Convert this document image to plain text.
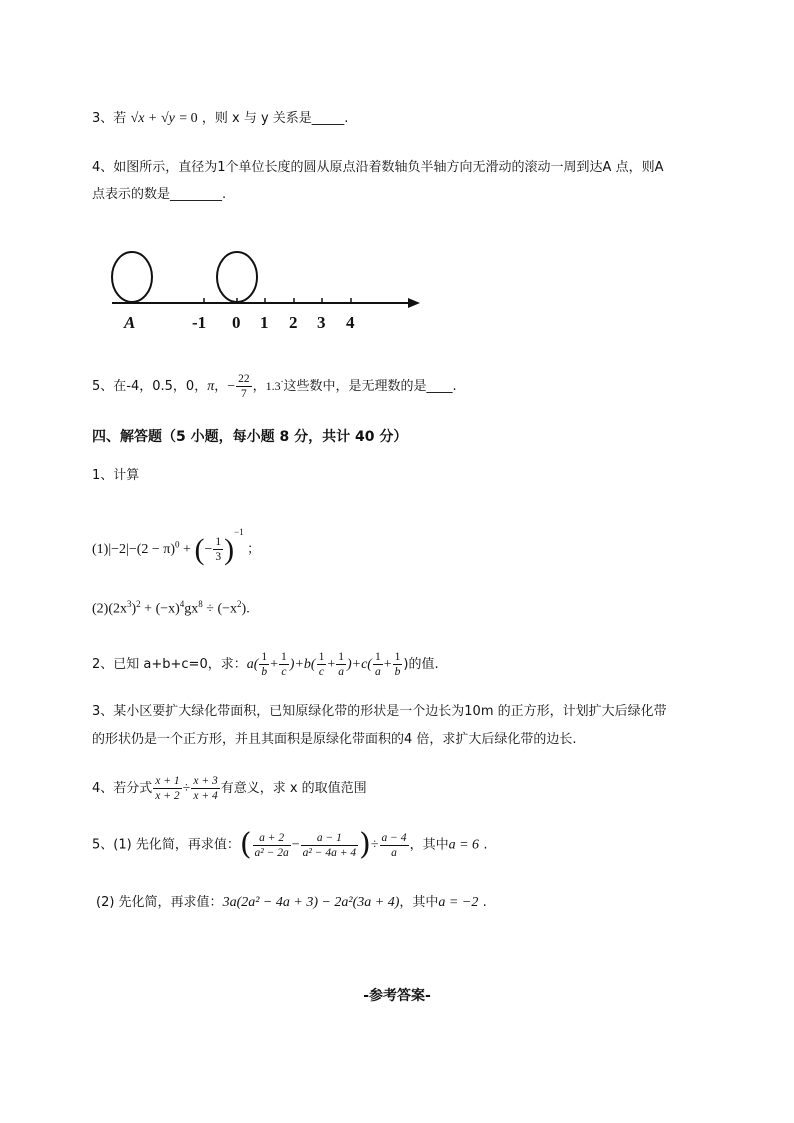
3、若 √x + √y = 0 ，则 x 与 y 关系是_____.
4、如图所示，直径为1个单位长度的圆从原点沿着数轴负半轴方向无滑动的滚动一周到达A 点，则A
点表示的数是________.
A	-1 0 1 2 3 4
5、在-4，0.5，0，π，− $\frac{22}{7}$ ，1.3·这些数中，是无理数的是____.
四、解答题（5 小题，每小题 8 分，共计 40 分）
1、计算
$(1)|-2|-(2 - \pi)^0$ + (− $\frac{1}{3} )^{-1}$ ；
$(2)(2x^3)^2 + (-x)^4gx^8 \div (-x^2)$.
2、已知 a+b+c=0，求：$a( \frac{1}{b} + \frac{1}{c} )+b( \frac{1}{c} + \frac{1}{a} )+c( \frac{1}{a} + \frac{1}{b}$ )的值.
3、某小区要扩大绿化带面积，已知原绿化带的形状是一个边长为10m 的正方形，计划扩大后绿化带
的形状仍是一个正方形，并且其面积是原绿化带面积的4 倍，求扩大后绿化带的边长.
4、若分式 $\frac{x + 1}{x + 2} \div \frac{x + 3}{x + 4}$ 有意义，求 x 的取值范围
5、(1) 先化简，再求值：( $\frac{a + 2}{\text{a² − 2a}} - \frac{a - 1}{\text{a² − 4a + 4}}$ )÷ $\frac{a - 4}{a}$ ，其中a = 6 .
(2) 先化简，再求值：3a(2a² − 4a + 3) − 2a²(3a + 4)，其中a = −2 .
-参考答案-
